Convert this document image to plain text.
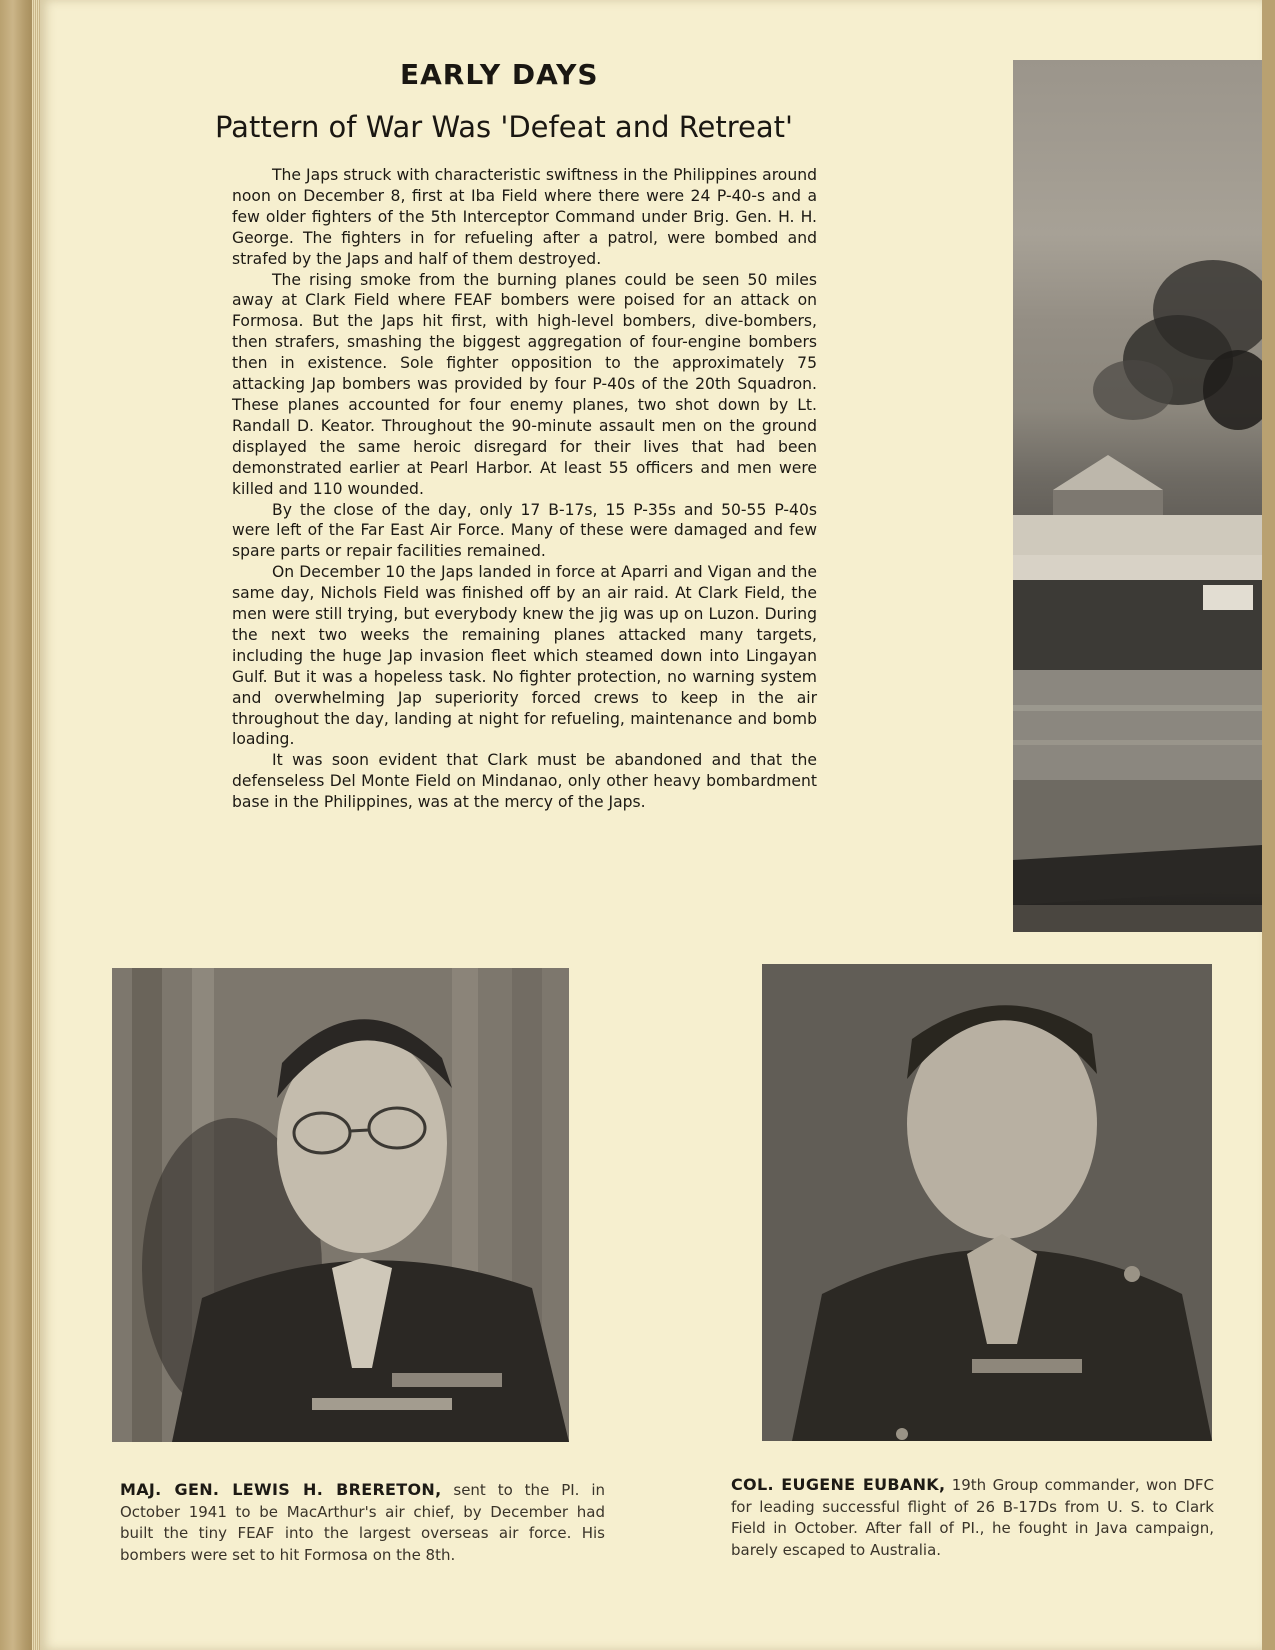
EARLY DAYS
Pattern of War Was 'Defeat and Retreat'

The Japs struck with characteristic swiftness in the Philippines around noon on December 8, first at Iba Field where there were 24 P-40-s and a few older fighters of the 5th Interceptor Command under Brig. Gen. H. H. George. The fighters in for refueling after a patrol, were bombed and strafed by the Japs and half of them destroyed.

The rising smoke from the burning planes could be seen 50 miles away at Clark Field where FEAF bombers were poised for an attack on Formosa. But the Japs hit first, with high-level bombers, dive-bombers, then strafers, smashing the biggest aggregation of four-engine bombers then in existence. Sole fighter opposition to the approximately 75 attacking Jap bombers was provided by four P-40s of the 20th Squadron. These planes accounted for four enemy planes, two shot down by Lt. Randall D. Keator. Throughout the 90-minute assault men on the ground displayed the same heroic disregard for their lives that had been demonstrated earlier at Pearl Harbor. At least 55 officers and men were killed and 110 wounded.

By the close of the day, only 17 B-17s, 15 P-35s and 50-55 P-40s were left of the Far East Air Force. Many of these were damaged and few spare parts or repair facilities remained.

On December 10 the Japs landed in force at Aparri and Vigan and the same day, Nichols Field was finished off by an air raid. At Clark Field, the men were still trying, but everybody knew the jig was up on Luzon. During the next two weeks the remaining planes attacked many targets, including the huge Jap invasion fleet which steamed down into Lingayan Gulf. But it was a hopeless task. No fighter protection, no warning system and overwhelming Jap superiority forced crews to keep in the air throughout the day, landing at night for refueling, maintenance and bomb loading.

It was soon evident that Clark must be abandoned and that the defenseless Del Monte Field on Mindanao, only other heavy bombardment base in the Philippines, was at the mercy of the Japs.

MAJ. GEN. LEWIS H. BRERETON, sent to the PI. in October 1941 to be MacArthur's air chief, by December had built the tiny FEAF into the largest overseas air force. His bombers were set to hit Formosa on the 8th.
COL. EUGENE EUBANK, 19th Group commander, won DFC for leading successful flight of 26 B-17Ds from U. S. to Clark Field in October. After fall of PI., he fought in Java campaign, barely escaped to Australia.
